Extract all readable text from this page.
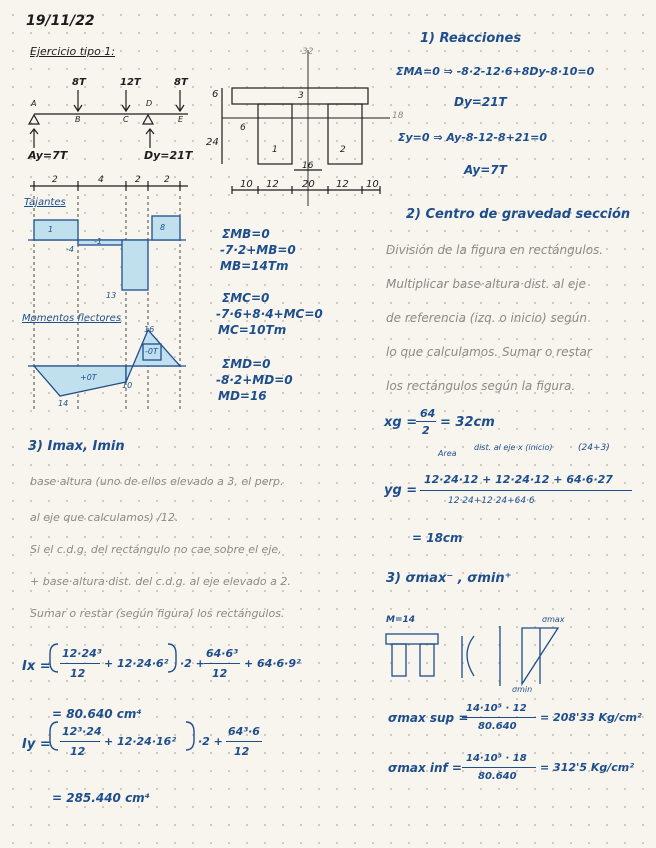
19/11/22
Ejercicio tipo 1:
8T	12T	8T
A
B	C
D
E
Ay=7T	Dy=21T
2	4	2	2
Tajantes
1
-1
-4
13
8
Momentos flectores
16
10
14
+0T
-0T
32
18
6
6
24
3
1	2
16
10 12 20 12 10
ΣMB=0
-7·2+MB=0
MB=14Tm
ΣMC=0
-7·6+8·4+MC=0
MC=10Tm
ΣMD=0
-8·2+MD=0
MD=16
1) Reacciones
ΣMA=0 ⇒ -8·2-12·6+8Dy-8·10=0
Dy=21T
Σy=0 ⇒ Ay-8-12-8+21=0
Ay=7T
2) Centro de gravedad sección
División de la figura en rectángulos.
Multiplicar base·altura·dist. al eje
de referencia (izq. o inicio) según
lo que calculamos. Sumar o restar
los rectángulos según la figura.
xg =
64
2
= 32cm
Area
dist. al eje x (inicio)	(24+3)
yg =
12·24·12 + 12·24·12 + 64·6·27
12·24+12·24+64·6
= 18cm
3) Imax, Imin
base·altura (uno de ellos elevado a 3, el perp.
al eje que calculamos) /12.
Si el c.d.g. del rectángulo no cae sobre el eje,
+ base·altura·dist. del c.d.g. al eje elevado a 2.
Sumar o restar (según figura) los rectángulos.
Ix =
12·24³
12
+ 12·24·6² ·2 +
64·6³
12
+ 64·6·9²
= 80.640 cm⁴
Iy =
12³·24
12
+ 12·24·16² ·2 +
64³·6
12
= 285.440 cm⁴
3) σmax⁻ , σmin⁺
M=14	σmax
σmin
σmax sup =
14·10⁵ · 12
80.640
= 208'33 Kg/cm²
σmax inf =
14·10⁵ · 18
80.640
= 312'5 Kg/cm²
